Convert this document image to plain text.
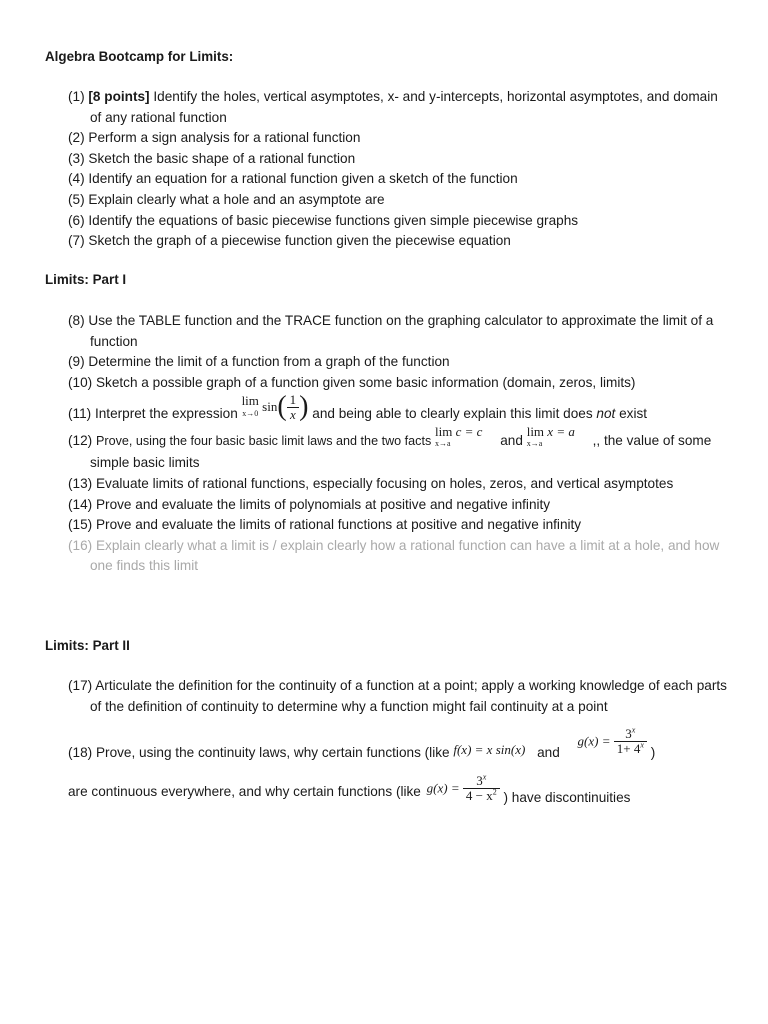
Algebra Bootcamp for Limits:

(1) [8 points] Identify the holes, vertical asymptotes, x- and y-intercepts, horizontal asymptotes, and domain of any rational function

(2) Perform a sign analysis for a rational function

(3) Sketch the basic shape of a rational function

(4) Identify an equation for a rational function given a sketch of the function

(5) Explain clearly what a hole and an asymptote are

(6) Identify the equations of basic piecewise functions given simple piecewise graphs

(7) Sketch the graph of a piecewise function given the piecewise equation

Limits: Part I

(8) Use the TABLE function and the TRACE function on the graphing calculator to approximate the limit of a function

(9) Determine the limit of a function from a graph of the function

(10) Sketch a possible graph of a function given some basic information (domain, zeros, limits)

(11) Interpret the expression lim
x→0 $\sin( \frac{1}{x}$ ) and being able to clearly explain this limit does not exist

(12) Prove, using the four basic basic limit laws and the two facts lim c = c
x→a	and lim x = a
x→a	,, the value of some simple basic limits

(13) Evaluate limits of rational functions, especially focusing on holes, zeros, and vertical asymptotes

(14) Prove and evaluate the limits of polynomials at positive and negative infinity

(15) Prove and evaluate the limits of rational functions at positive and negative infinity

(16) Explain clearly what a limit is / explain clearly how a rational function can have a limit at a hole, and how one finds this limit

Limits: Part II

(17) Articulate the definition for the continuity of a function at a point; apply a working knowledge of each parts of the definition of continuity to determine why a function might fail continuity at a point

(18) Prove, using the continuity laws, why certain functions (like f(x) = x sin(x) and $g(x) = \frac{3^x}{1+ 4^x}$ )
are continuous everywhere, and why certain functions (like $g(x) = \frac{3^x}{4 - x^2}$ ) have discontinuities
